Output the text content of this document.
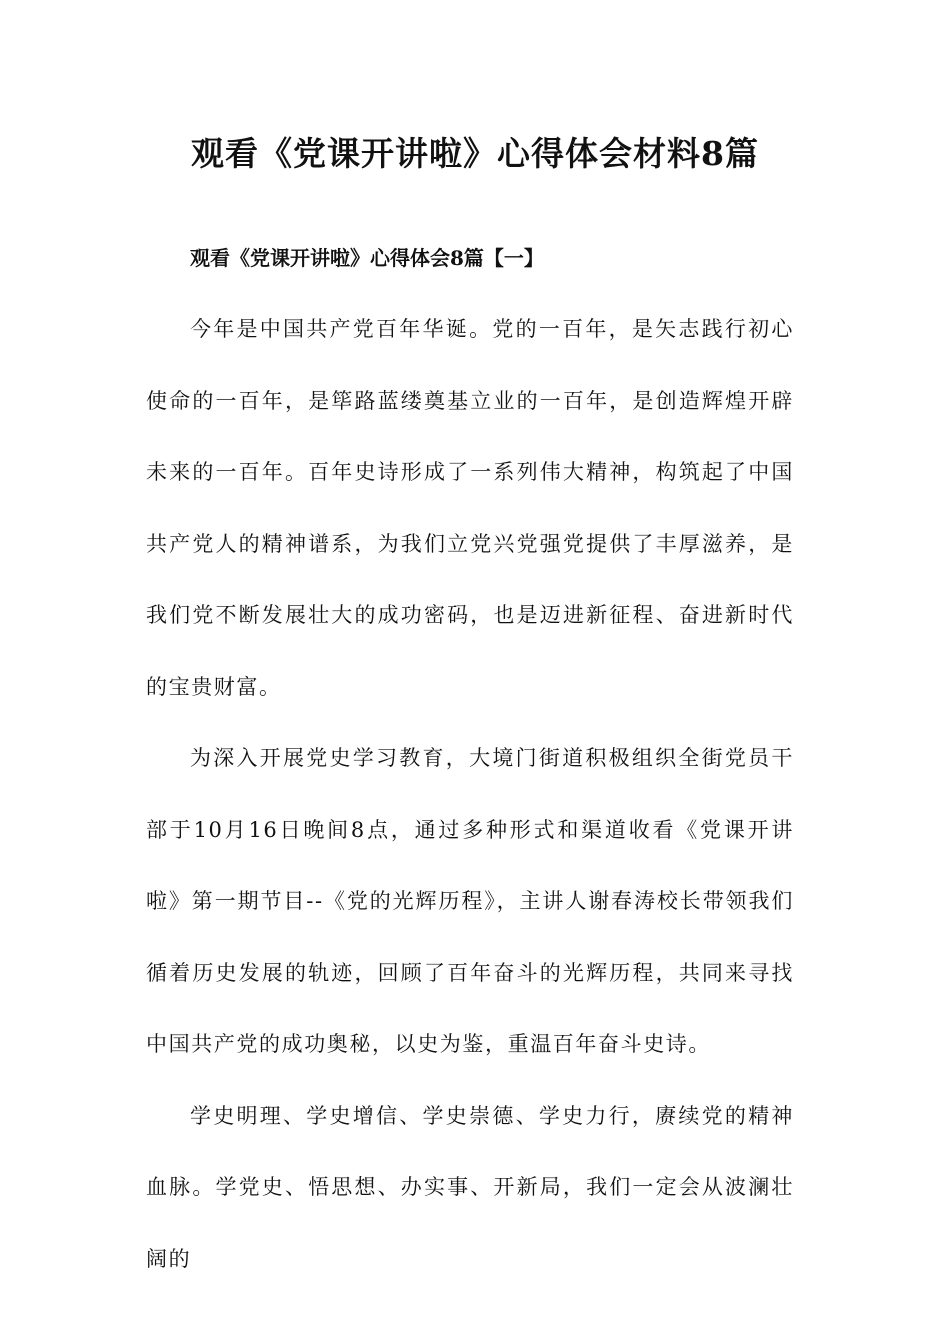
观看《党课开讲啦》心得体会材料8篇
观看《党课开讲啦》心得体会8篇【一】

今年是中国共产党百年华诞。党的一百年，是矢志践行初心使命的一百年，是筚路蓝缕奠基立业的一百年，是创造辉煌开辟未来的一百年。百年史诗形成了一系列伟大精神，构筑起了中国共产党人的精神谱系，为我们立党兴党强党提供了丰厚滋养，是我们党不断发展壮大的成功密码，也是迈进新征程、奋进新时代的宝贵财富。

为深入开展党史学习教育，大境门街道积极组织全街党员干部于10月16日晚间8点，通过多种形式和渠道收看《党课开讲啦》第一期节目--《党的光辉历程》，主讲人谢春涛校长带领我们循着历史发展的轨迹，回顾了百年奋斗的光辉历程，共同来寻找中国共产党的成功奥秘，以史为鉴，重温百年奋斗史诗。

学史明理、学史增信、学史崇德、学史力行，赓续党的精神血脉。学党史、悟思想、办实事、开新局，我们一定会从波澜壮阔的
